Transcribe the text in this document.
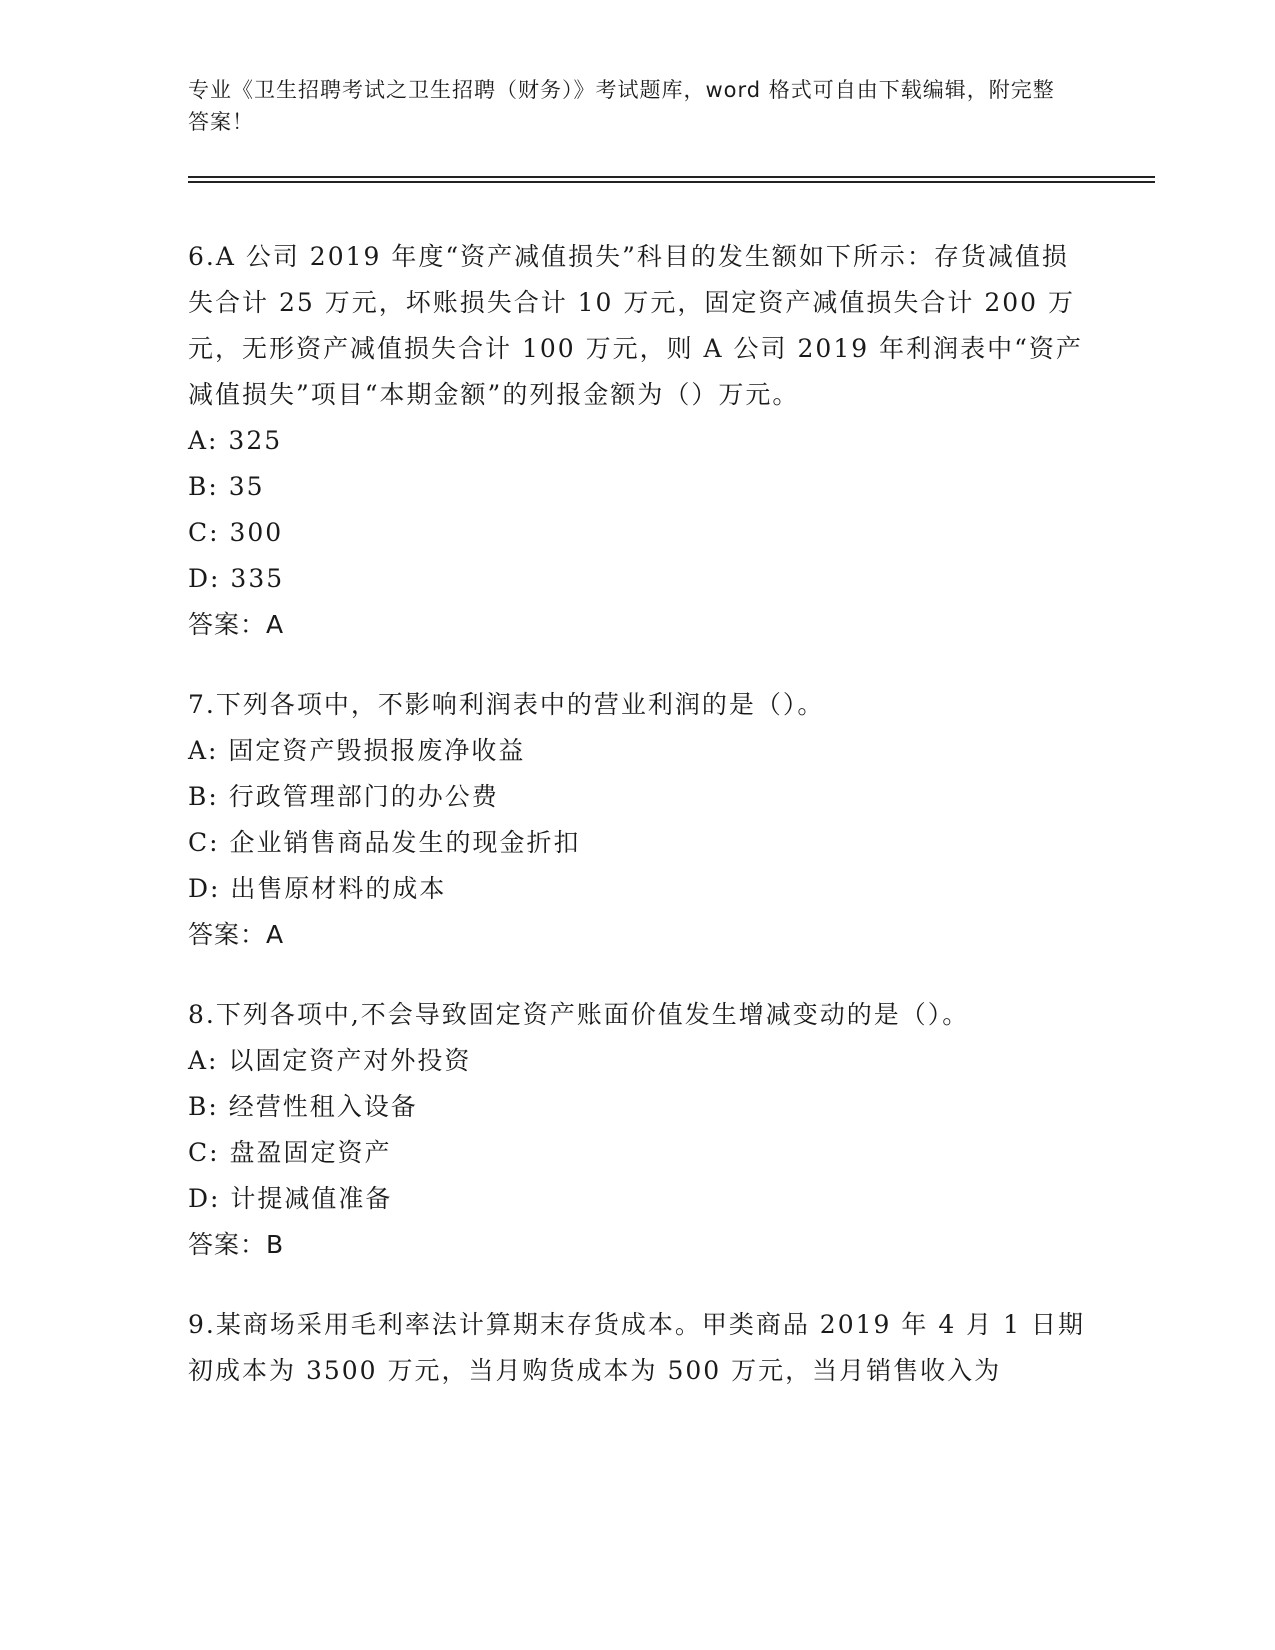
专业《卫生招聘考试之卫生招聘（财务）》考试题库，word 格式可自由下载编辑，附完整答案！
6.A 公司 2019 年度“资产减值损失”科目的发生额如下所示：存货减值损失合计 25 万元，坏账损失合计 10 万元，固定资产减值损失合计 200 万元，无形资产减值损失合计 100 万元，则 A 公司 2019 年利润表中“资产减值损失”项目“本期金额”的列报金额为（）万元。
A: 325
B: 35
C: 300
D: 335
答案：A
7.下列各项中，不影响利润表中的营业利润的是（）。
A: 固定资产毁损报废净收益
B: 行政管理部门的办公费
C: 企业销售商品发生的现金折扣
D: 出售原材料的成本
答案：A
8.下列各项中,不会导致固定资产账面价值发生增减变动的是（）。
A: 以固定资产对外投资
B: 经营性租入设备
C: 盘盈固定资产
D: 计提减值准备
答案：B
9.某商场采用毛利率法计算期末存货成本。甲类商品 2019 年 4 月 1 日期初成本为 3500 万元，当月购货成本为 500 万元，当月销售收入为
